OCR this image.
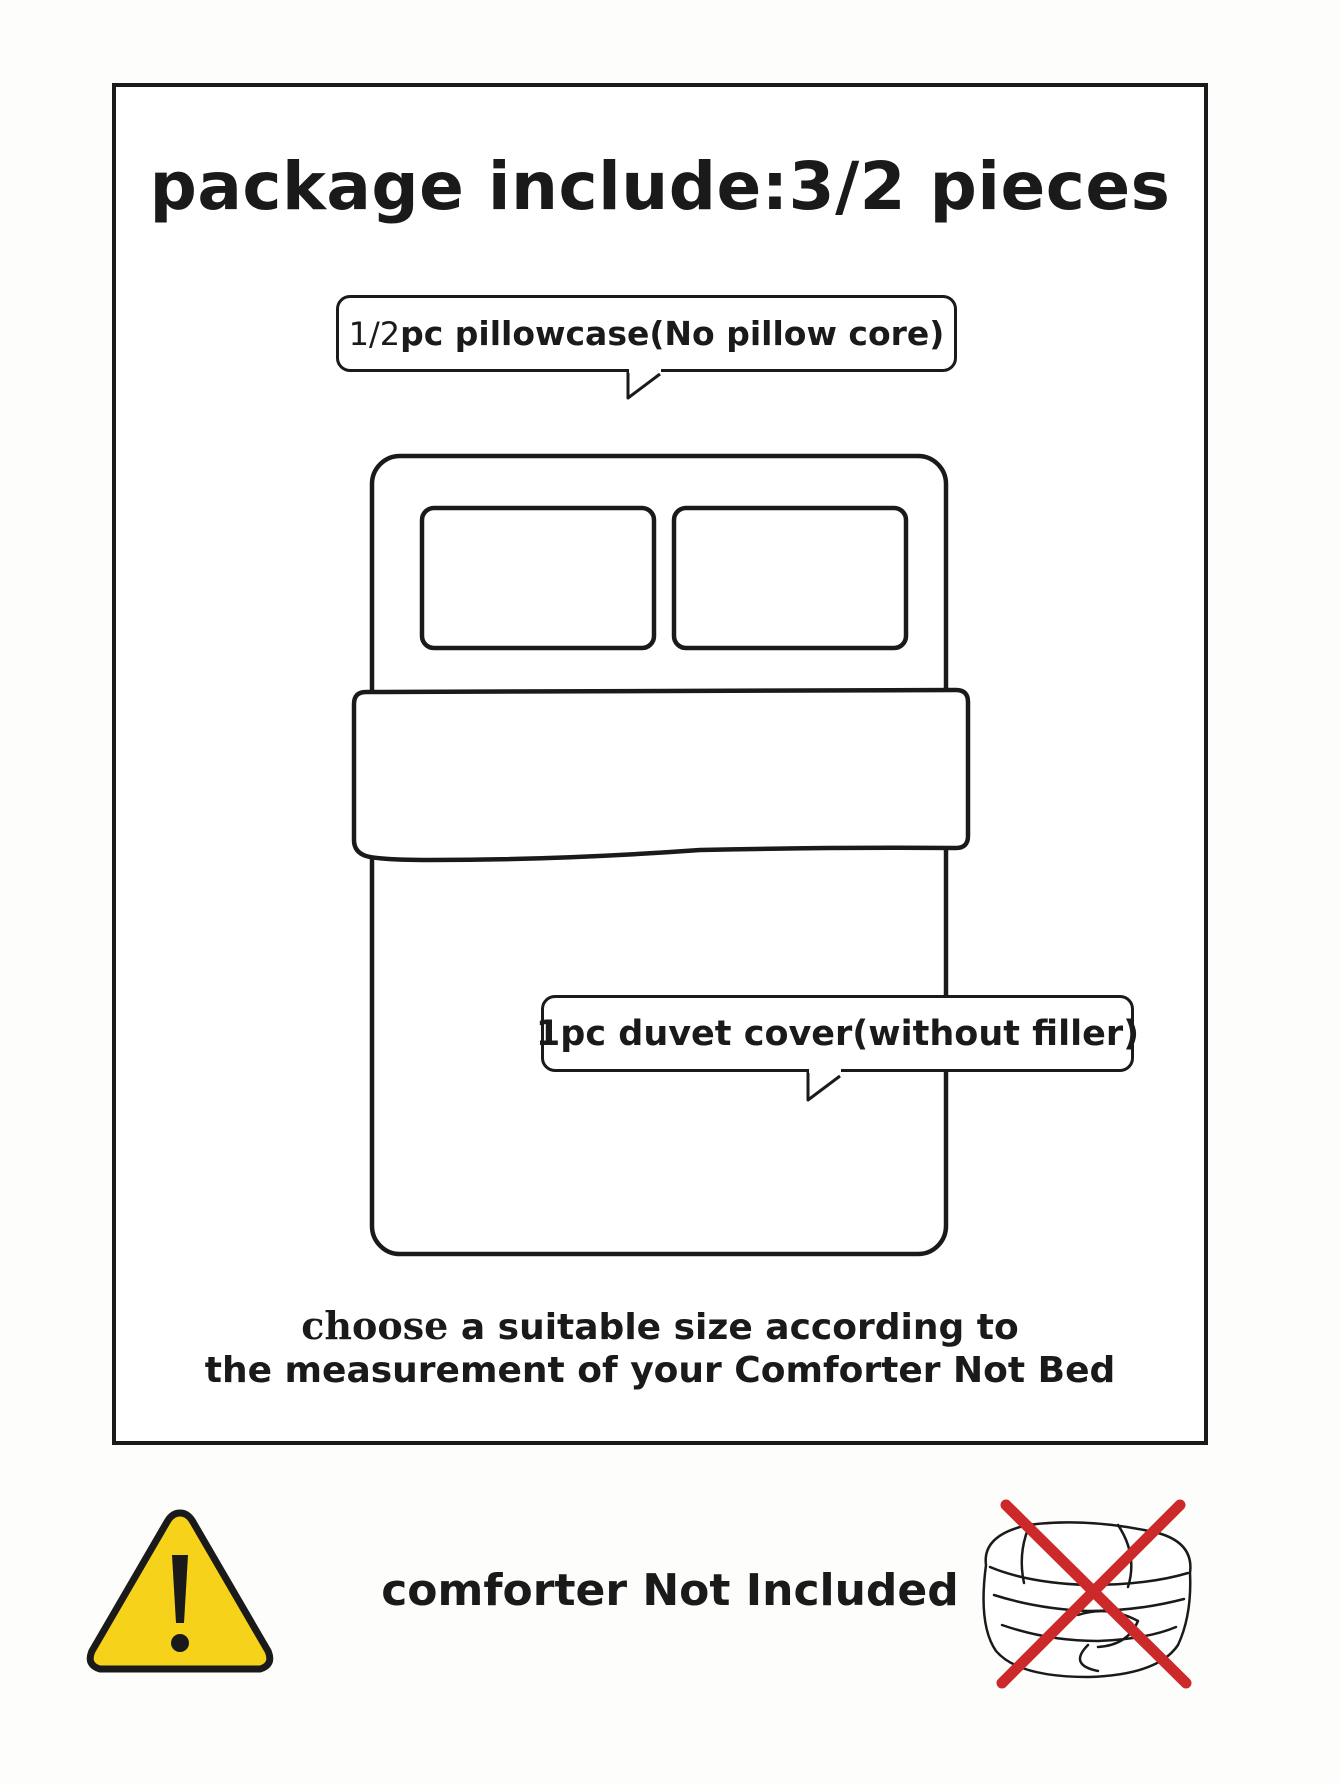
package include:3/2 pieces
1/2 pc pillowcase(No pillow core)
1pc duvet cover(without filler)

choose a suitable size according to

the measurement of your Comforter Not Bed

comforter Not Included
